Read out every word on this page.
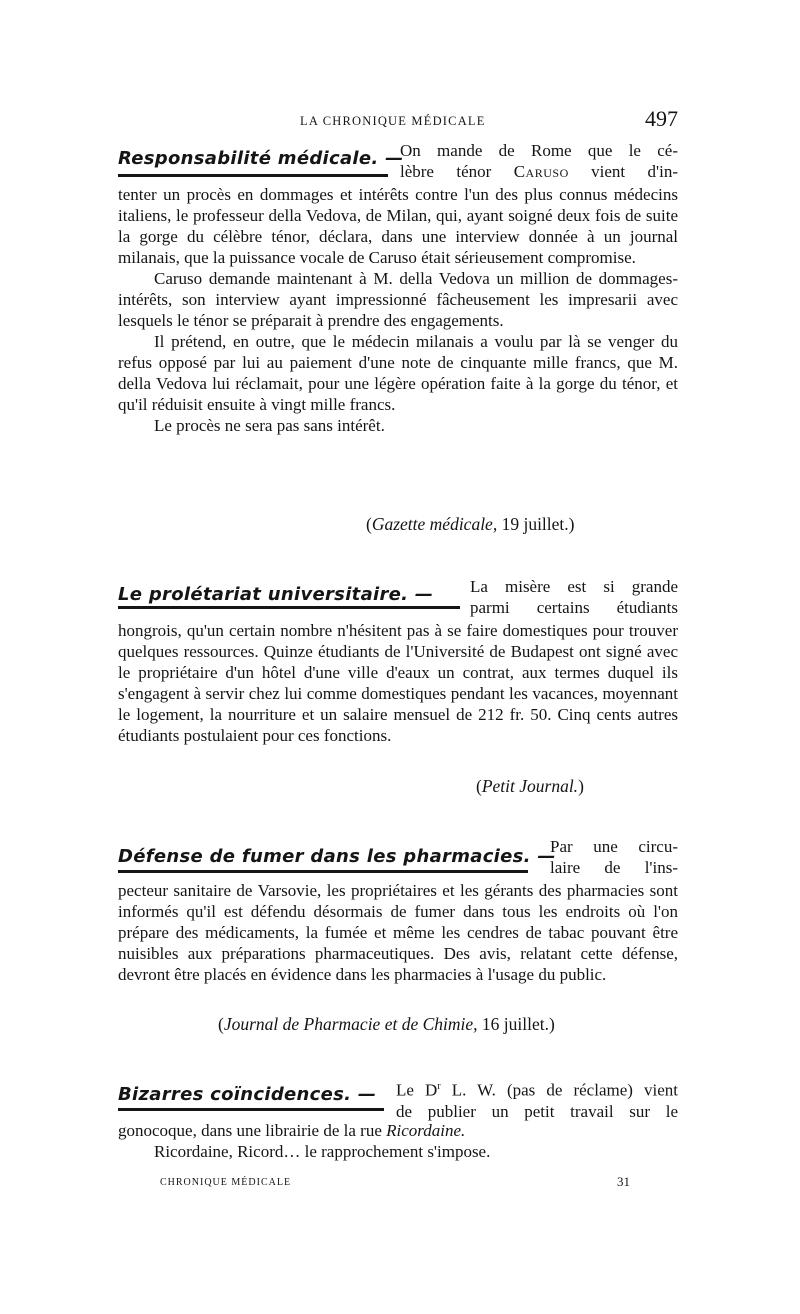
LA CHRONIQUE MÉDICALE	497
Responsabilité médicale. —
On mande de Rome que le cé-
lèbre ténor Caruso vient d'in-

tenter un procès en dommages et intérêts contre l'un des plus connus médecins italiens, le professeur della Vedova, de Milan, qui, ayant soigné deux fois de suite la gorge du célèbre ténor, déclara, dans une interview donnée à un journal milanais, que la puissance vocale de Caruso était sérieusement compromise.

Caruso demande maintenant à M. della Vedova un million de dommages-intérêts, son interview ayant impressionné fâcheusement les impresarii avec lesquels le ténor se préparait à prendre des engagements.

Il prétend, en outre, que le médecin milanais a voulu par là se venger du refus opposé par lui au paiement d'une note de cinquante mille francs, que M. della Vedova lui réclamait, pour une légère opération faite à la gorge du ténor, et qu'il réduisit ensuite à vingt mille francs.

Le procès ne sera pas sans intérêt.

(Gazette médicale, 19 juillet.)
Le prolétariat universitaire. — La misère est si grande
parmi certains étudiants

hongrois, qu'un certain nombre n'hésitent pas à se faire domestiques pour trouver quelques ressources. Quinze étudiants de l'Université de Budapest ont signé avec le propriétaire d'un hôtel d'une ville d'eaux un contrat, aux termes duquel ils s'engagent à servir chez lui comme domestiques pendant les vacances, moyennant le logement, la nourriture et un salaire mensuel de 212 fr. 50. Cinq cents autres étudiants postulaient pour ces fonctions.

(Petit Journal.)
Défense de fumer dans les pharmacies. —
Par une circu-
laire de l'ins-

pecteur sanitaire de Varsovie, les propriétaires et les gérants des pharmacies sont informés qu'il est défendu désormais de fumer dans tous les endroits où l'on prépare des médicaments, la fumée et même les cendres de tabac pouvant être nuisibles aux préparations pharmaceutiques. Des avis, relatant cette défense, devront être placés en évidence dans les pharmacies à l'usage du public.

(Journal de Pharmacie et de Chimie, 16 juillet.)
Bizarres coïncidences. — Le $D^r$ L. W. (pas de réclame) vient
de publier un petit travail sur le

gonocoque, dans une librairie de la rue Ricordaine.

Ricordaine, Ricord… le rapprochement s'impose.

CHRONIQUE MÉDICALE	31
